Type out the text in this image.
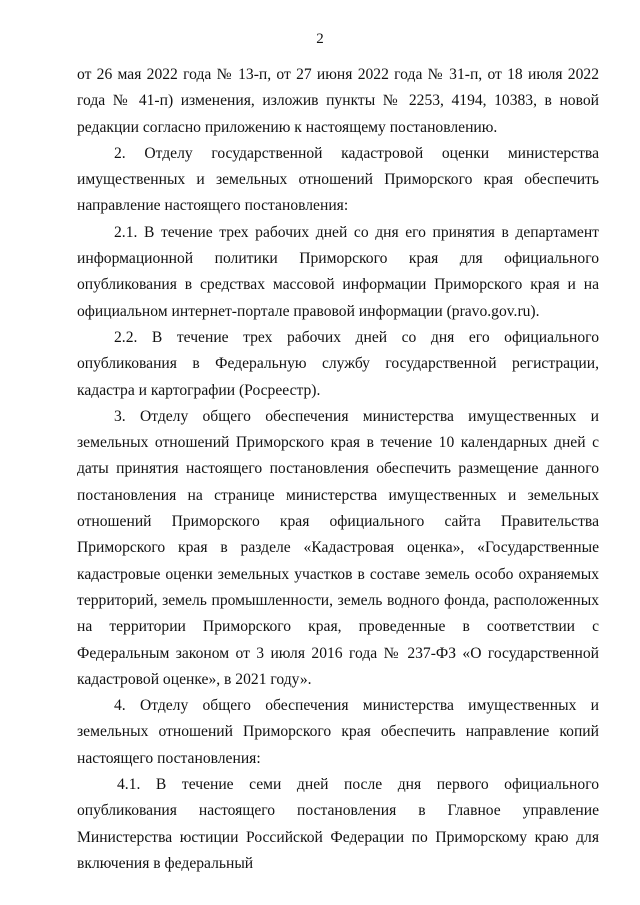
2

от 26 мая 2022 года № 13-п, от 27 июня 2022 года № 31-п, от 18 июля 2022 года № 41-п) изменения, изложив пункты № 2253, 4194, 10383, в новой редакции согласно приложению к настоящему постановлению.

2. Отделу государственной кадастровой оценки министерства имущественных и земельных отношений Приморского края обеспечить направление настоящего постановления:

2.1. В течение трех рабочих дней со дня его принятия в департамент информационной политики Приморского края для официального опубликования в средствах массовой информации Приморского края и на официальном интернет-портале правовой информации (pravo.gov.ru).

2.2. В течение трех рабочих дней со дня его официального опубликования в Федеральную службу государственной регистрации, кадастра и картографии (Росреестр).

3. Отделу общего обеспечения министерства имущественных и земельных отношений Приморского края в течение 10 календарных дней с даты принятия настоящего постановления обеспечить размещение данного постановления на странице министерства имущественных и земельных отношений Приморского края официального сайта Правительства Приморского края в разделе «Кадастровая оценка», «Государственные кадастровые оценки земельных участков в составе земель особо охраняемых территорий, земель промышленности, земель водного фонда, расположенных на территории Приморского края, проведенные в соответствии с Федеральным законом от 3 июля 2016 года № 237-ФЗ «О государственной кадастровой оценке», в 2021 году».

4. Отделу общего обеспечения министерства имущественных и земельных отношений Приморского края обеспечить направление копий настоящего постановления:

4.1. В течение семи дней после дня первого официального опубликования настоящего постановления в Главное управление Министерства юстиции Российской Федерации по Приморскому краю для включения в федеральный
